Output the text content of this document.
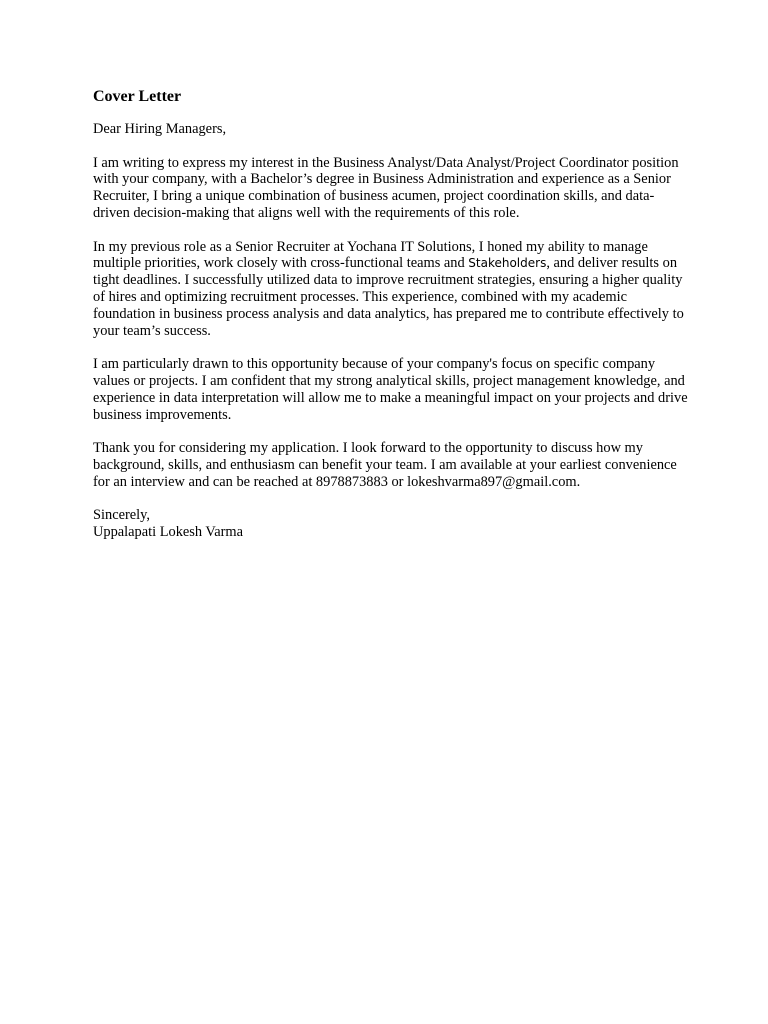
Cover Letter

Dear Hiring Managers,

I am writing to express my interest in the Business Analyst/Data Analyst/Project Coordinator position with your company, with a Bachelor’s degree in Business Administration and experience as a Senior Recruiter, I bring a unique combination of business acumen, project coordination skills, and data-driven decision-making that aligns well with the requirements of this role.

In my previous role as a Senior Recruiter at Yochana IT Solutions, I honed my ability to manage multiple priorities, work closely with cross-functional teams and Stakeholders, and deliver results on tight deadlines. I successfully utilized data to improve recruitment strategies, ensuring a higher quality of hires and optimizing recruitment processes. This experience, combined with my academic foundation in business process analysis and data analytics, has prepared me to contribute effectively to your team’s success.

I am particularly drawn to this opportunity because of your company's focus on specific company values or projects. I am confident that my strong analytical skills, project management knowledge, and experience in data interpretation will allow me to make a meaningful impact on your projects and drive business improvements.

Thank you for considering my application. I look forward to the opportunity to discuss how my background, skills, and enthusiasm can benefit your team. I am available at your earliest convenience for an interview and can be reached at 8978873883 or lokeshvarma897@gmail.com.

Sincerely,
Uppalapati Lokesh Varma
